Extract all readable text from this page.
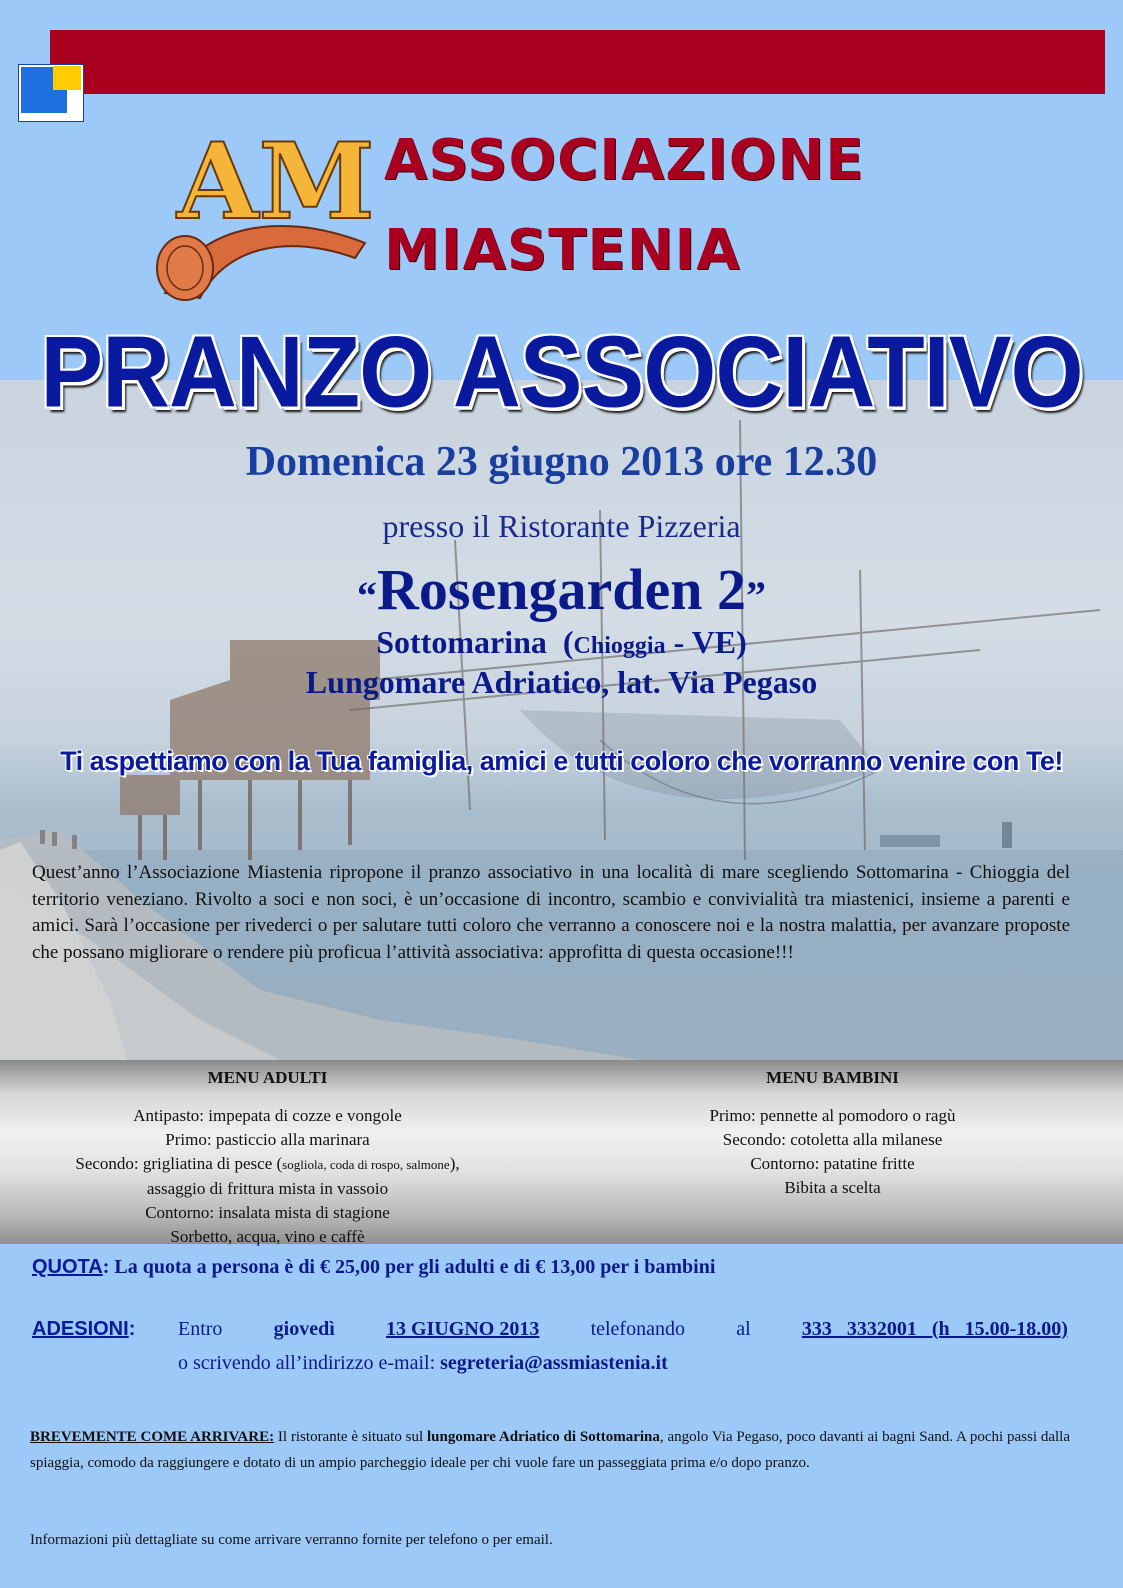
AM ASSOCIAZIONE
MIASTENIA
PRANZO ASSOCIATIVO
Domenica 23 giugno 2013 ore 12.30
presso il Ristorante Pizzeria
“Rosengarden 2”
Sottomarina (Chioggia - VE)
Lungomare Adriatico, lat. Via Pegaso
Ti aspettiamo con la Tua famiglia, amici e tutti coloro che vorranno venire con Te!
Quest’anno l’Associazione Miastenia ripropone il pranzo associativo in una località di mare scegliendo Sottomarina - Chioggia del territorio veneziano. Rivolto a soci e non soci, è un’occasione di incontro, scambio e convivialità tra miastenici, insieme a parenti e amici. Sarà l’occasione per rivederci o per salutare tutti coloro che verranno a conoscere noi e la nostra malattia, per avanzare proposte che possano migliorare o rendere più proficua l’attività associativa: approfitta di questa occasione!!!
MENU ADULTI
Antipasto: impepata di cozze e vongole
Primo: pasticcio alla marinara
Secondo: grigliatina di pesce (sogliola, coda di rospo, salmone),
assaggio di frittura mista in vassoio
Contorno: insalata mista di stagione
Sorbetto, acqua, vino e caffè
MENU BAMBINI
Primo: pennette al pomodoro o ragù
Secondo: cotoletta alla milanese
Contorno: patatine fritte
Bibita a scelta
QUOTA: La quota a persona è di € 25,00 per gli adulti e di € 13,00 per i bambini
ADESIONI: Entro	giovedì	13 GIUGNO 2013	telefonando	al	333   3332001   (h   15.00-18.00)
o scrivendo all’indirizzo e-mail: segreteria@assmiastenia.it
BREVEMENTE COME ARRIVARE: Il ristorante è situato sul lungomare Adriatico di Sottomarina, angolo Via Pegaso, poco davanti ai bagni Sand. A pochi passi dalla spiaggia, comodo da raggiungere e dotato di un ampio parcheggio ideale per chi vuole fare un passeggiata prima e/o dopo pranzo.
Informazioni più dettagliate su come arrivare verranno fornite per telefono o per email.
